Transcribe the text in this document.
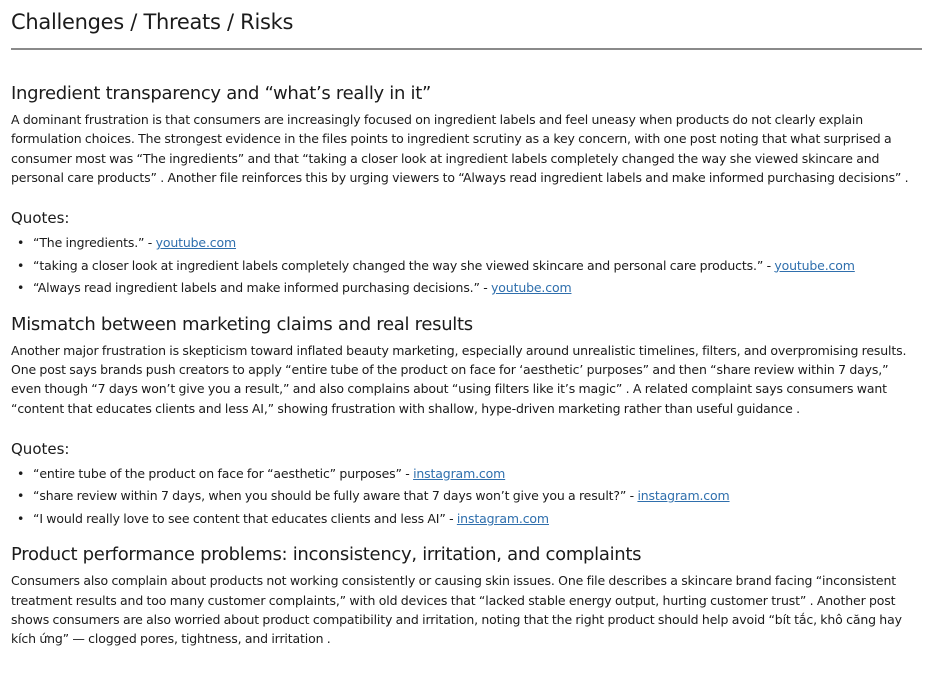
Challenges / Threats / Risks
Ingredient transparency and “what’s really in it”

A dominant frustration is that consumers are increasingly focused on ingredient labels and feel uneasy when products do not clearly explain formulation choices. The strongest evidence in the files points to ingredient scrutiny as a key concern, with one post noting that what surprised a consumer most was “The ingredients” and that “taking a closer look at ingredient labels completely changed the way she viewed skincare and personal care products” . Another file reinforces this by urging viewers to “Always read ingredient labels and make informed purchasing decisions” .

Quotes:

• “The ingredients.” - youtube.com
• “taking a closer look at ingredient labels completely changed the way she viewed skincare and personal care products.” - youtube.com
• “Always read ingredient labels and make informed purchasing decisions.” - youtube.com
Mismatch between marketing claims and real results

Another major frustration is skepticism toward inflated beauty marketing, especially around unrealistic timelines, filters, and overpromising results. One post says brands push creators to apply “entire tube of the product on face for ‘aesthetic’ purposes” and then “share review within 7 days,” even though “7 days won’t give you a result,” and also complains about “using filters like it’s magic” . A related complaint says consumers want “content that educates clients and less AI,” showing frustration with shallow, hype-driven marketing rather than useful guidance .

Quotes:

• “entire tube of the product on face for “aesthetic” purposes” - instagram.com
• “share review within 7 days, when you should be fully aware that 7 days won’t give you a result?” - instagram.com
• “I would really love to see content that educates clients and less AI” - instagram.com
Product performance problems: inconsistency, irritation, and complaints

Consumers also complain about products not working consistently or causing skin issues. One file describes a skincare brand facing “inconsistent treatment results and too many customer complaints,” with old devices that “lacked stable energy output, hurting customer trust” . Another post shows consumers are also worried about product compatibility and irritation, noting that the right product should help avoid “bít tắc, khô căng hay kích ứng” — clogged pores, tightness, and irritation .
